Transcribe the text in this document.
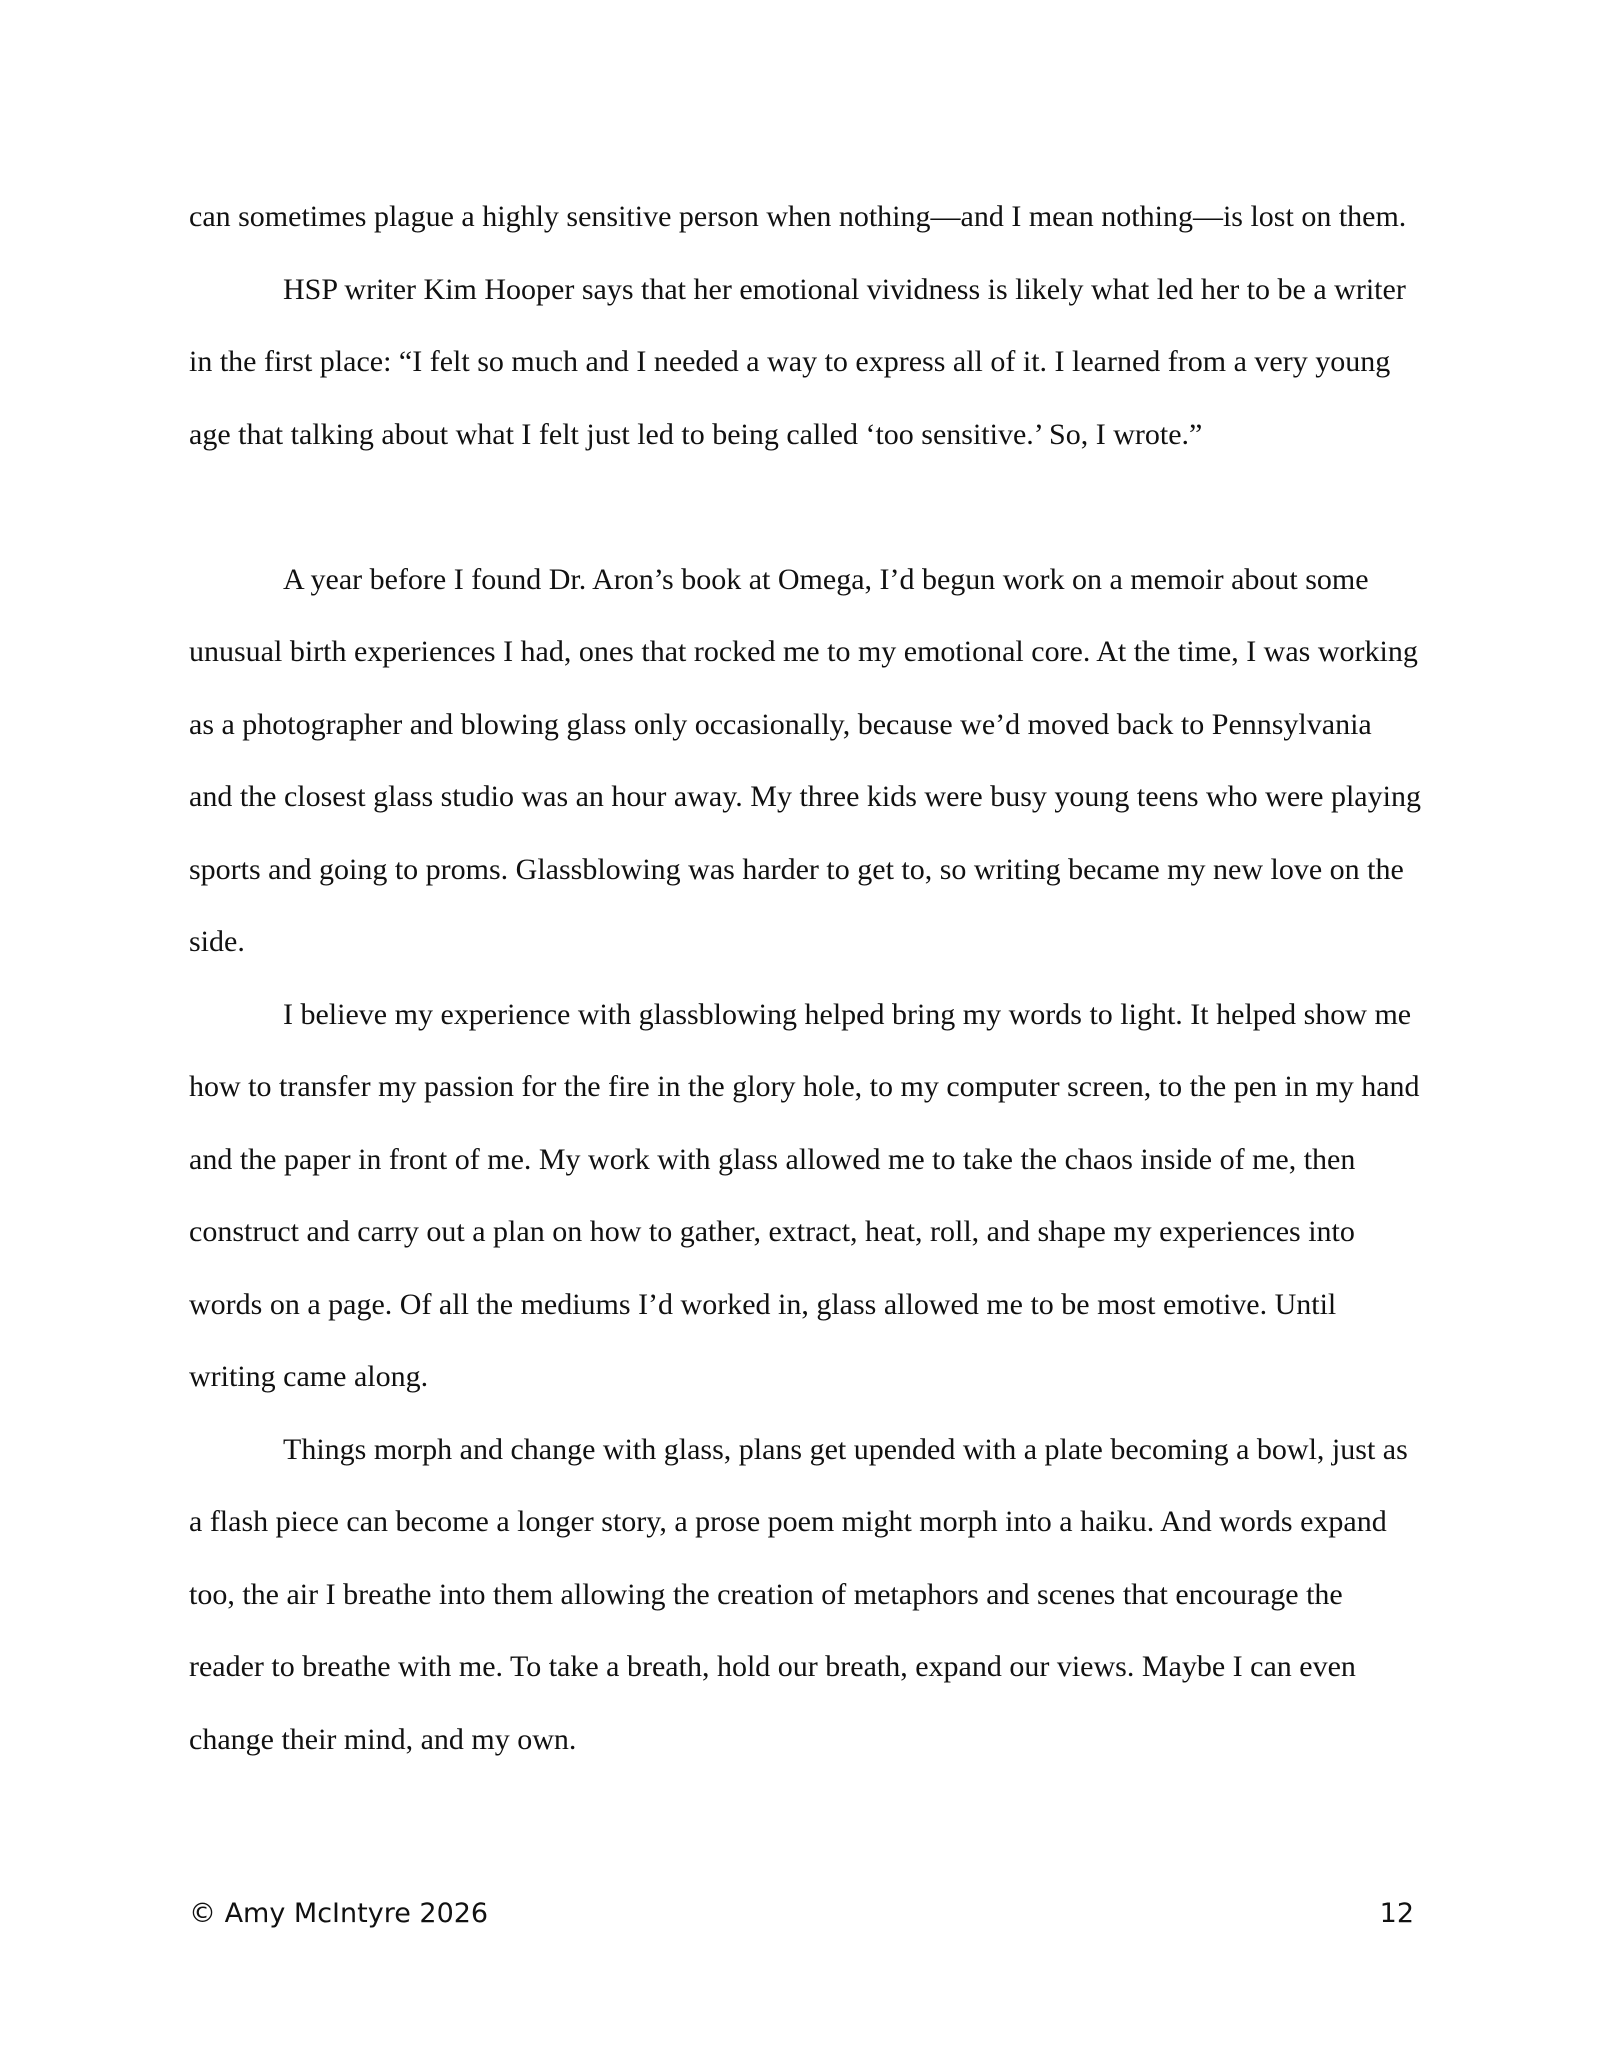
can sometimes plague a highly sensitive person when nothing—and I mean nothing—is lost on them.

HSP writer Kim Hooper says that her emotional vividness is likely what led her to be a writer in the first place: “I felt so much and I needed a way to express all of it. I learned from a very young age that talking about what I felt just led to being called ‘too sensitive.’ So, I wrote.”

A year before I found Dr. Aron’s book at Omega, I’d begun work on a memoir about some unusual birth experiences I had, ones that rocked me to my emotional core. At the time, I was working as a photographer and blowing glass only occasionally, because we’d moved back to Pennsylvania and the closest glass studio was an hour away. My three kids were busy young teens who were playing sports and going to proms. Glassblowing was harder to get to, so writing became my new love on the side.

I believe my experience with glassblowing helped bring my words to light. It helped show me how to transfer my passion for the fire in the glory hole, to my computer screen, to the pen in my hand and the paper in front of me. My work with glass allowed me to take the chaos inside of me, then construct and carry out a plan on how to gather, extract, heat, roll, and shape my experiences into words on a page. Of all the mediums I’d worked in, glass allowed me to be most emotive. Until writing came along.

Things morph and change with glass, plans get upended with a plate becoming a bowl, just as a flash piece can become a longer story, a prose poem might morph into a haiku. And words expand too, the air I breathe into them allowing the creation of metaphors and scenes that encourage the reader to breathe with me. To take a breath, hold our breath, expand our views. Maybe I can even change their mind, and my own.

© Amy McIntyre 2026	12
